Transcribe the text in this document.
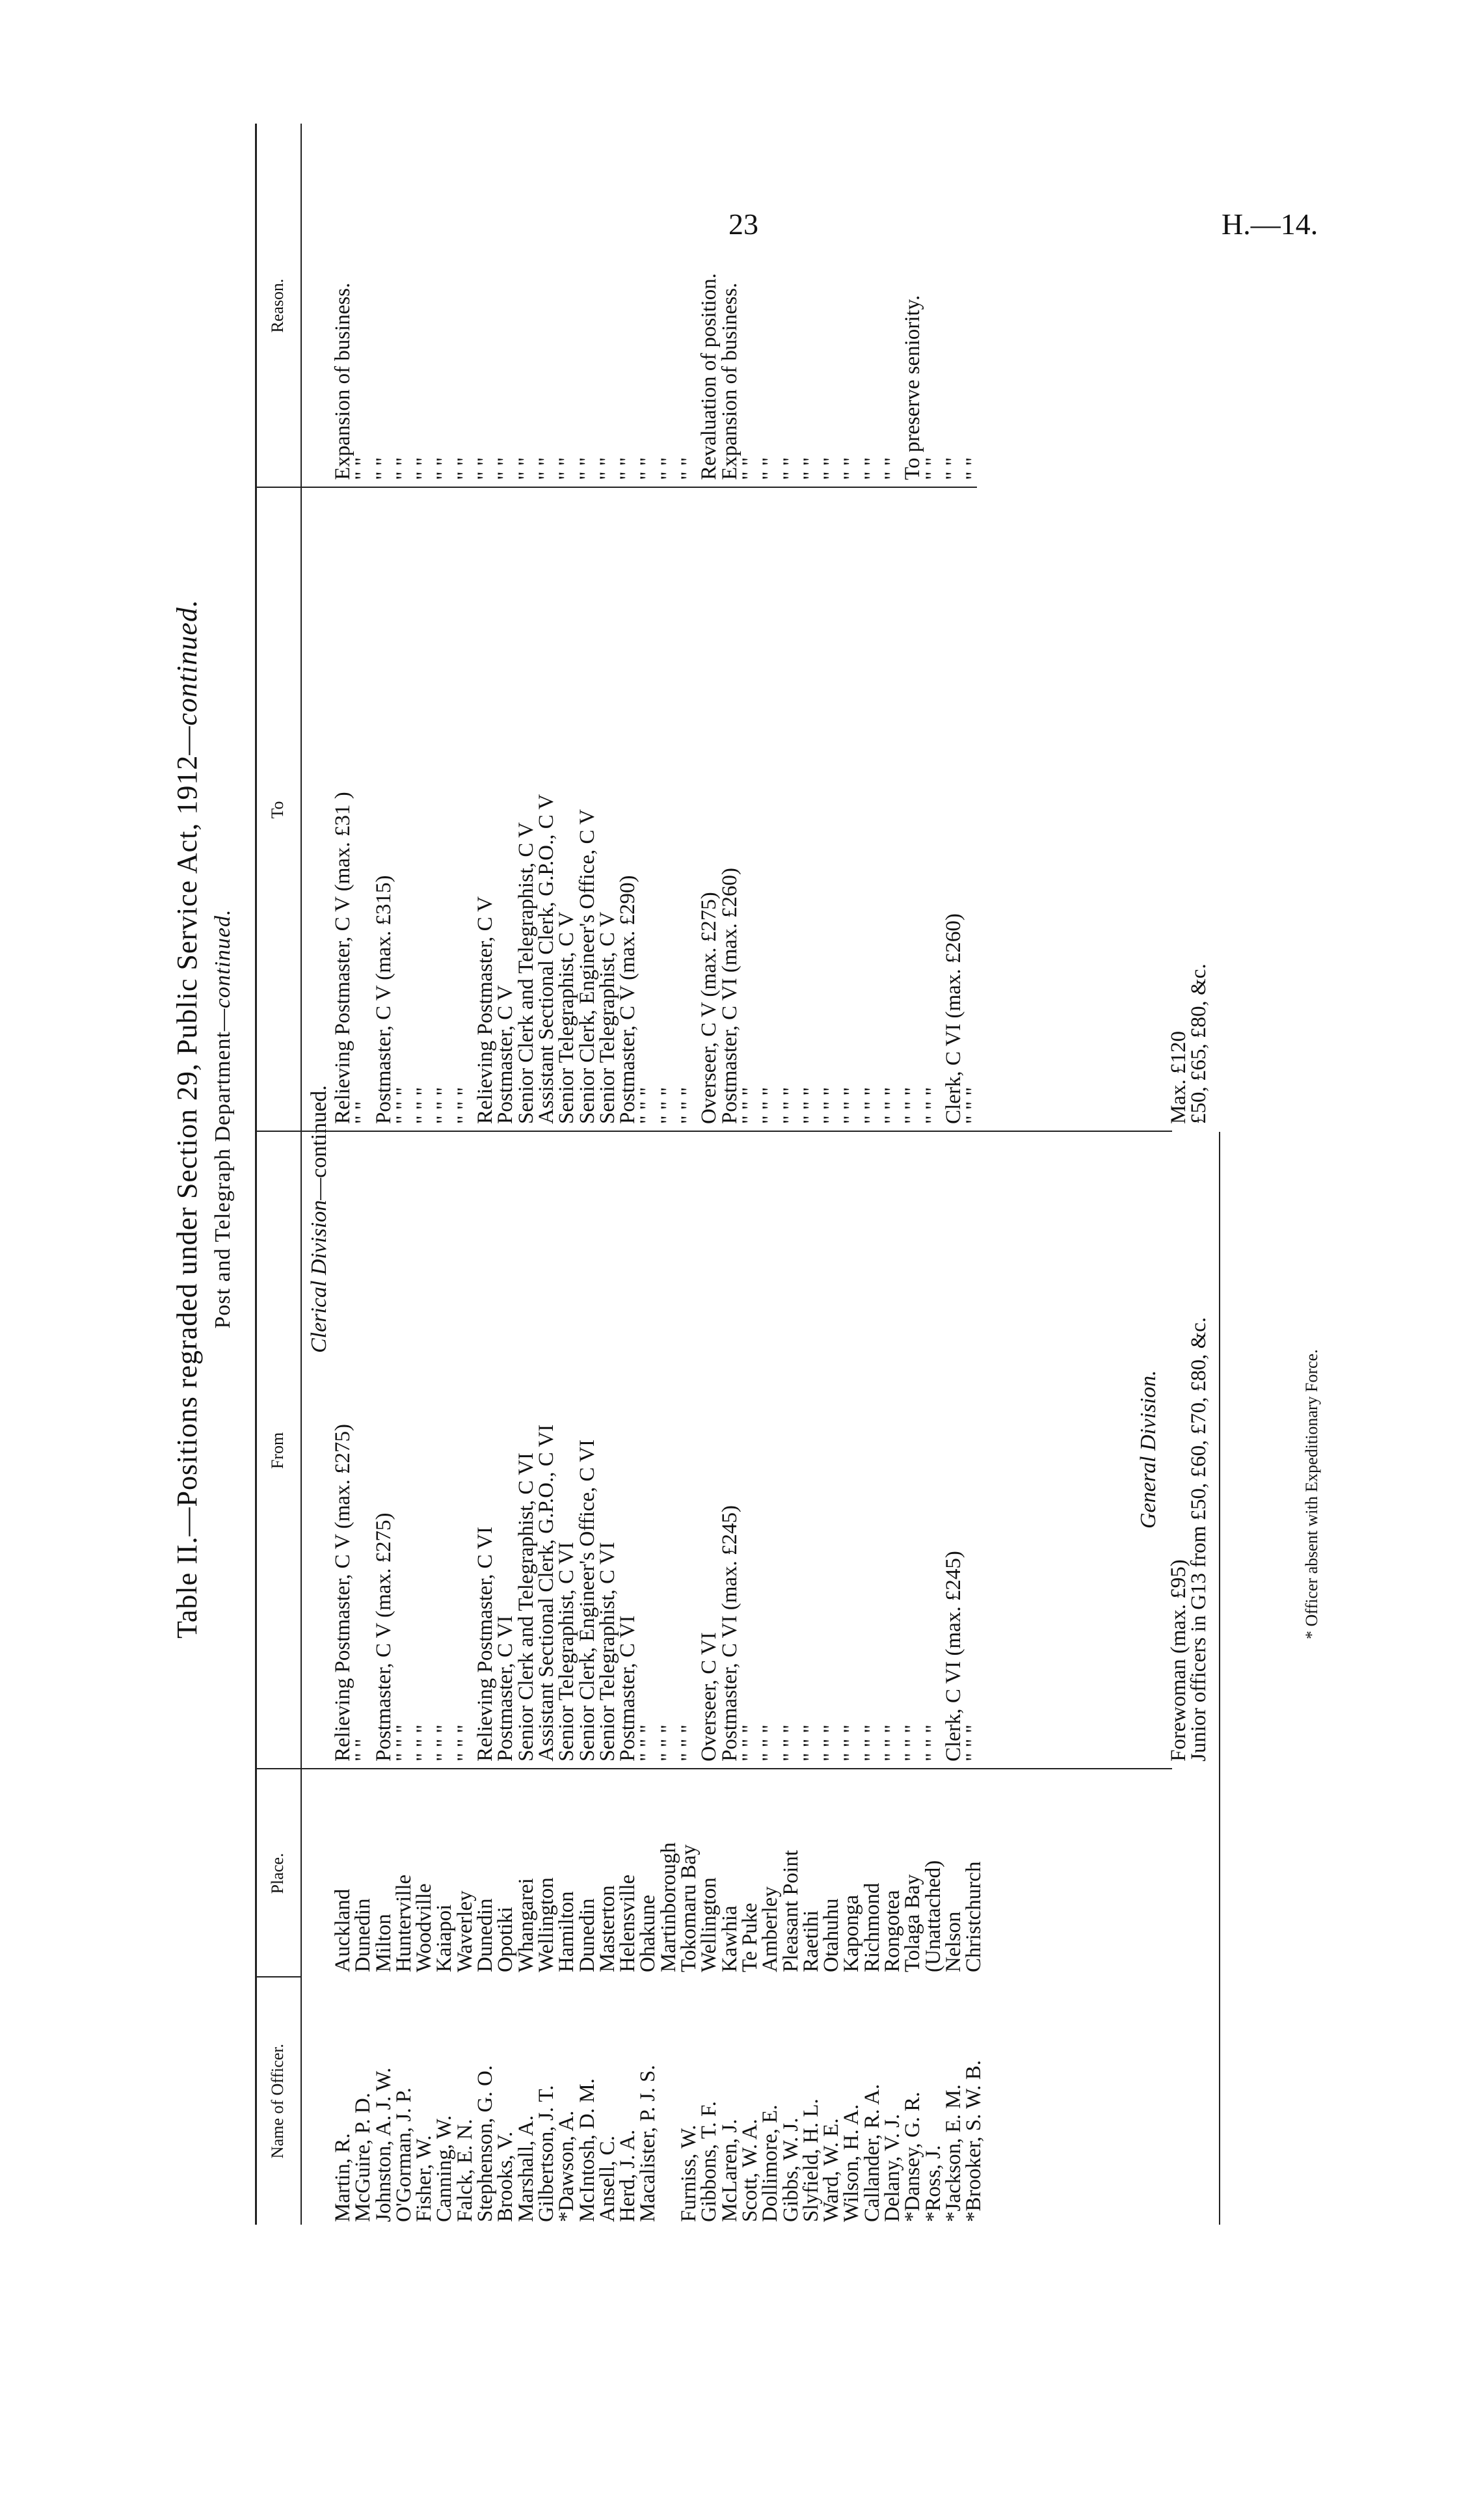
23	H.—14.
Table II.—Positions regraded under Section 29, Public Service Act, 1912—continued.
Post and Telegraph Department—continued.
Name of Officer.
Place.
From
To
Reason.
Clerical Division—continued.
Martin, R.
McGuire, P. D.
Johnston, A. J. W.
O'Gorman, J. P.
Fisher, W.
Canning, W.
Falck, E. N.
Stephenson, G. O.
Brooks, V.
Marshall, A.
Gilbertson, J. T.
*Dawson, A.
McIntosh, D. M.
Ansell, C.
Herd, J. A.
Macalister, P. J. S. Furniss, W.
Gibbons, T. F.
McLaren, J.
Scott, W. A.
Dollimore, E.
Gibbs, W. J.
Slyfield, H. L.
Ward, W. E.
Wilson, H. A.
Callander, R. A.
Delany, V. J.
*Dansey, G. R.
*Ross, J.
*Jackson, E. M.
*Brooker, S. W. B.
Auckland
Dunedin
Milton
Hunterville
Woodville
Kaiapoi
Waverley
Dunedin
Opotiki
Whangarei
Wellington
Hamilton
Dunedin
Masterton
Helensville
Ohakune
Martinborough
Tokomaru Bay
Wellington
Kawhia
Te Puke
Amberley
Pleasant Point
Raetihi
Otahuhu
Kaponga
Richmond
Rongotea
Tolaga Bay
(Unattached)
Nelson
Christchurch
Relieving Postmaster, C V (max. £275)
" "
Postmaster, C V (max. £275)
" " "
" " "
" " "
" " "
Relieving Postmaster, C VI
Postmaster, C VI
Senior Clerk and Telegraphist, C VI
Assistant Sectional Clerk, G.P.O., C VI
Senior Telegraphist, C VI
Senior Clerk, Engineer's Office, C VI
Senior Telegraphist, C VI
Postmaster, C VI
" " "
" " "
" " "
Overseer, C VI
Postmaster, C VI (max. £245)
" " "
" " "
" " "
" " "
" " "
" " "
" " "
" " "
" " "
" " "
Clerk, C VI (max. £245)
" " "
Relieving Postmaster, C V (max. £31 )
" "
Postmaster, C V (max. £315)
" " "
" " "
" " "
" " "
Relieving Postmaster, C V
Postmaster, C V
Senior Clerk and Telegraphist, C V
Assistant Sectional Clerk, G.P.O., C V
Senior Telegraphist, C V
Senior Clerk, Engineer's Office, C V
Senior Telegraphist, C V
Postmaster, C V (max. £290)
" " "
" " "
" " "
Overseer, C V (max. £275)
Postmaster, C VI (max. £260)
" " "
" " "
" " "
" " "
" " "
" " "
" " "
" " "
" " "
" " "
Clerk, C VI (max. £260)
" " "
Expansion of business.
" "
" "
" "
" "
" "
" "
" "
" "
" "
" "
" "
" "
" "
" "
" "
" "
" "
Revaluation of position.
Expansion of business.
" "
" "
" "
" "
" "
" "
" "
" "
To preserve seniority.
" "
" "
" "
General Division.
Forewoman (max. £95)
Junior officers in G13 from £50, £60, £70, £80, &c.
Max. £120
£50, £65, £80, &c.
* Officer absent with Expeditionary Force.
